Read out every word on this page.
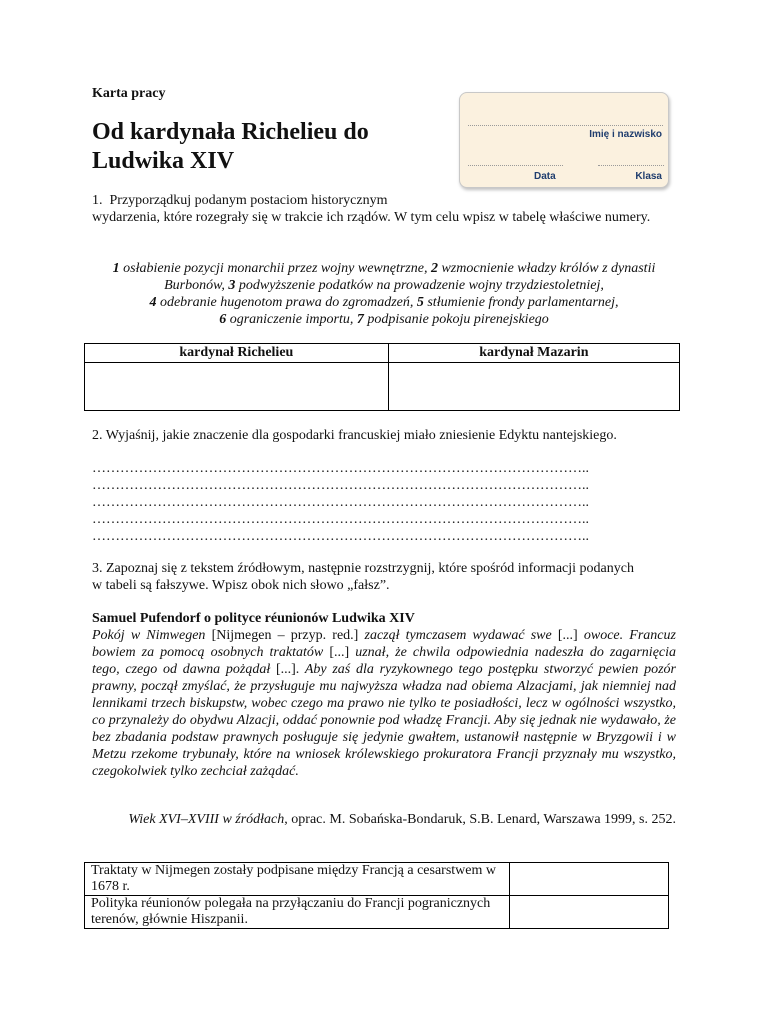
Karta pracy
Od kardynała Richelieu do Ludwika XIV
Imię i nazwisko
Data	Klasa
1. Przyporządkuj podanym postaciom historycznym
wydarzenia, które rozegrały się w trakcie ich rządów. W tym celu wpisz w tabelę właściwe numery.
1 osłabienie pozycji monarchii przez wojny wewnętrzne, 2 wzmocnienie władzy królów z dynastii Burbonów, 3 podwyższenie podatków na prowadzenie wojny trzydziestoletniej,
4 odebranie hugenotom prawa do zgromadzeń, 5 stłumienie frondy parlamentarnej,
6 ograniczenie importu, 7 podpisanie pokoju pirenejskiego
kardynał Richelieu	kardynał Mazarin

2. Wyjaśnij, jakie znaczenie dla gospodarki francuskiej miało zniesienie Edyktu nantejskiego.
……………………………………………………………………………………………..
……………………………………………………………………………………………..
……………………………………………………………………………………………..
……………………………………………………………………………………………..
……………………………………………………………………………………………..
3. Zapoznaj się z tekstem źródłowym, następnie rozstrzygnij, które spośród informacji podanych w tabeli są fałszywe. Wpisz obok nich słowo „fałsz”.
Samuel Pufendorf o polityce réunionów Ludwika XIV
Pokój w Nimwegen [Nijmegen – przyp. red.] zaczął tymczasem wydawać swe [...] owoce. Francuz bowiem za pomocą osobnych traktatów [...] uznał, że chwila odpowiednia nadeszła do zagarnięcia tego, czego od dawna pożądał [...]. Aby zaś dla ryzykownego tego postępku stworzyć pewien pozór prawny, począł zmyślać, że przysługuje mu najwyższa władza nad obiema Alzacjami, jak niemniej nad lennikami trzech biskupstw, wobec czego ma prawo nie tylko te posiadłości, lecz w ogólności wszystko, co przynależy do obydwu Alzacji, oddać ponownie pod władzę Francji. Aby się jednak nie wydawało, że bez zbadania podstaw prawnych posługuje się jedynie gwałtem, ustanowił następnie w Bryzgowii i w Metzu rzekome trybunały, które na wniosek królewskiego prokuratora Francji przyznały mu wszystko, czegokolwiek tylko zechciał zażądać.
Wiek XVI–XVIII w źródłach, oprac. M. Sobańska-Bondaruk, S.B. Lenard, Warszawa 1999, s. 252.
Traktaty w Nijmegen zostały podpisane między Francją a cesarstwem w 1678 r.	
Polityka réunionów polegała na przyłączaniu do Francji pogranicznych terenów, głównie Hiszpanii.	
